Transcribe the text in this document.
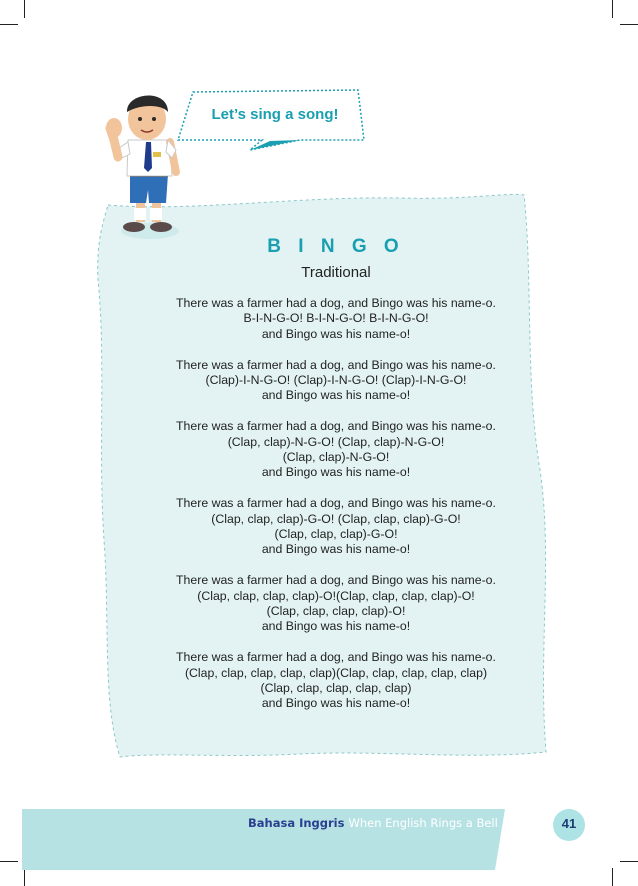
Let’s sing a song!
B I N G O
Traditional
There was a farmer had a dog, and Bingo was his name-o.
B-I-N-G-O! B-I-N-G-O! B-I-N-G-O!
and Bingo was his name-o!
There was a farmer had a dog, and Bingo was his name-o.
(Clap)-I-N-G-O! (Clap)-I-N-G-O! (Clap)-I-N-G-O!
and Bingo was his name-o!
There was a farmer had a dog, and Bingo was his name-o.
(Clap, clap)-N-G-O! (Clap, clap)-N-G-O!
(Clap, clap)-N-G-O!
and Bingo was his name-o!
There was a farmer had a dog, and Bingo was his name-o.
(Clap, clap, clap)-G-O! (Clap, clap, clap)-G-O!
(Clap, clap, clap)-G-O!
and Bingo was his name-o!
There was a farmer had a dog, and Bingo was his name-o.
(Clap, clap, clap, clap)-O!(Clap, clap, clap, clap)-O!
(Clap, clap, clap, clap)-O!
and Bingo was his name-o!
There was a farmer had a dog, and Bingo was his name-o.
(Clap, clap, clap, clap, clap)(Clap, clap, clap, clap, clap)
(Clap, clap, clap, clap, clap)
and Bingo was his name-o!
Bahasa Inggris When English Rings a Bell	41
